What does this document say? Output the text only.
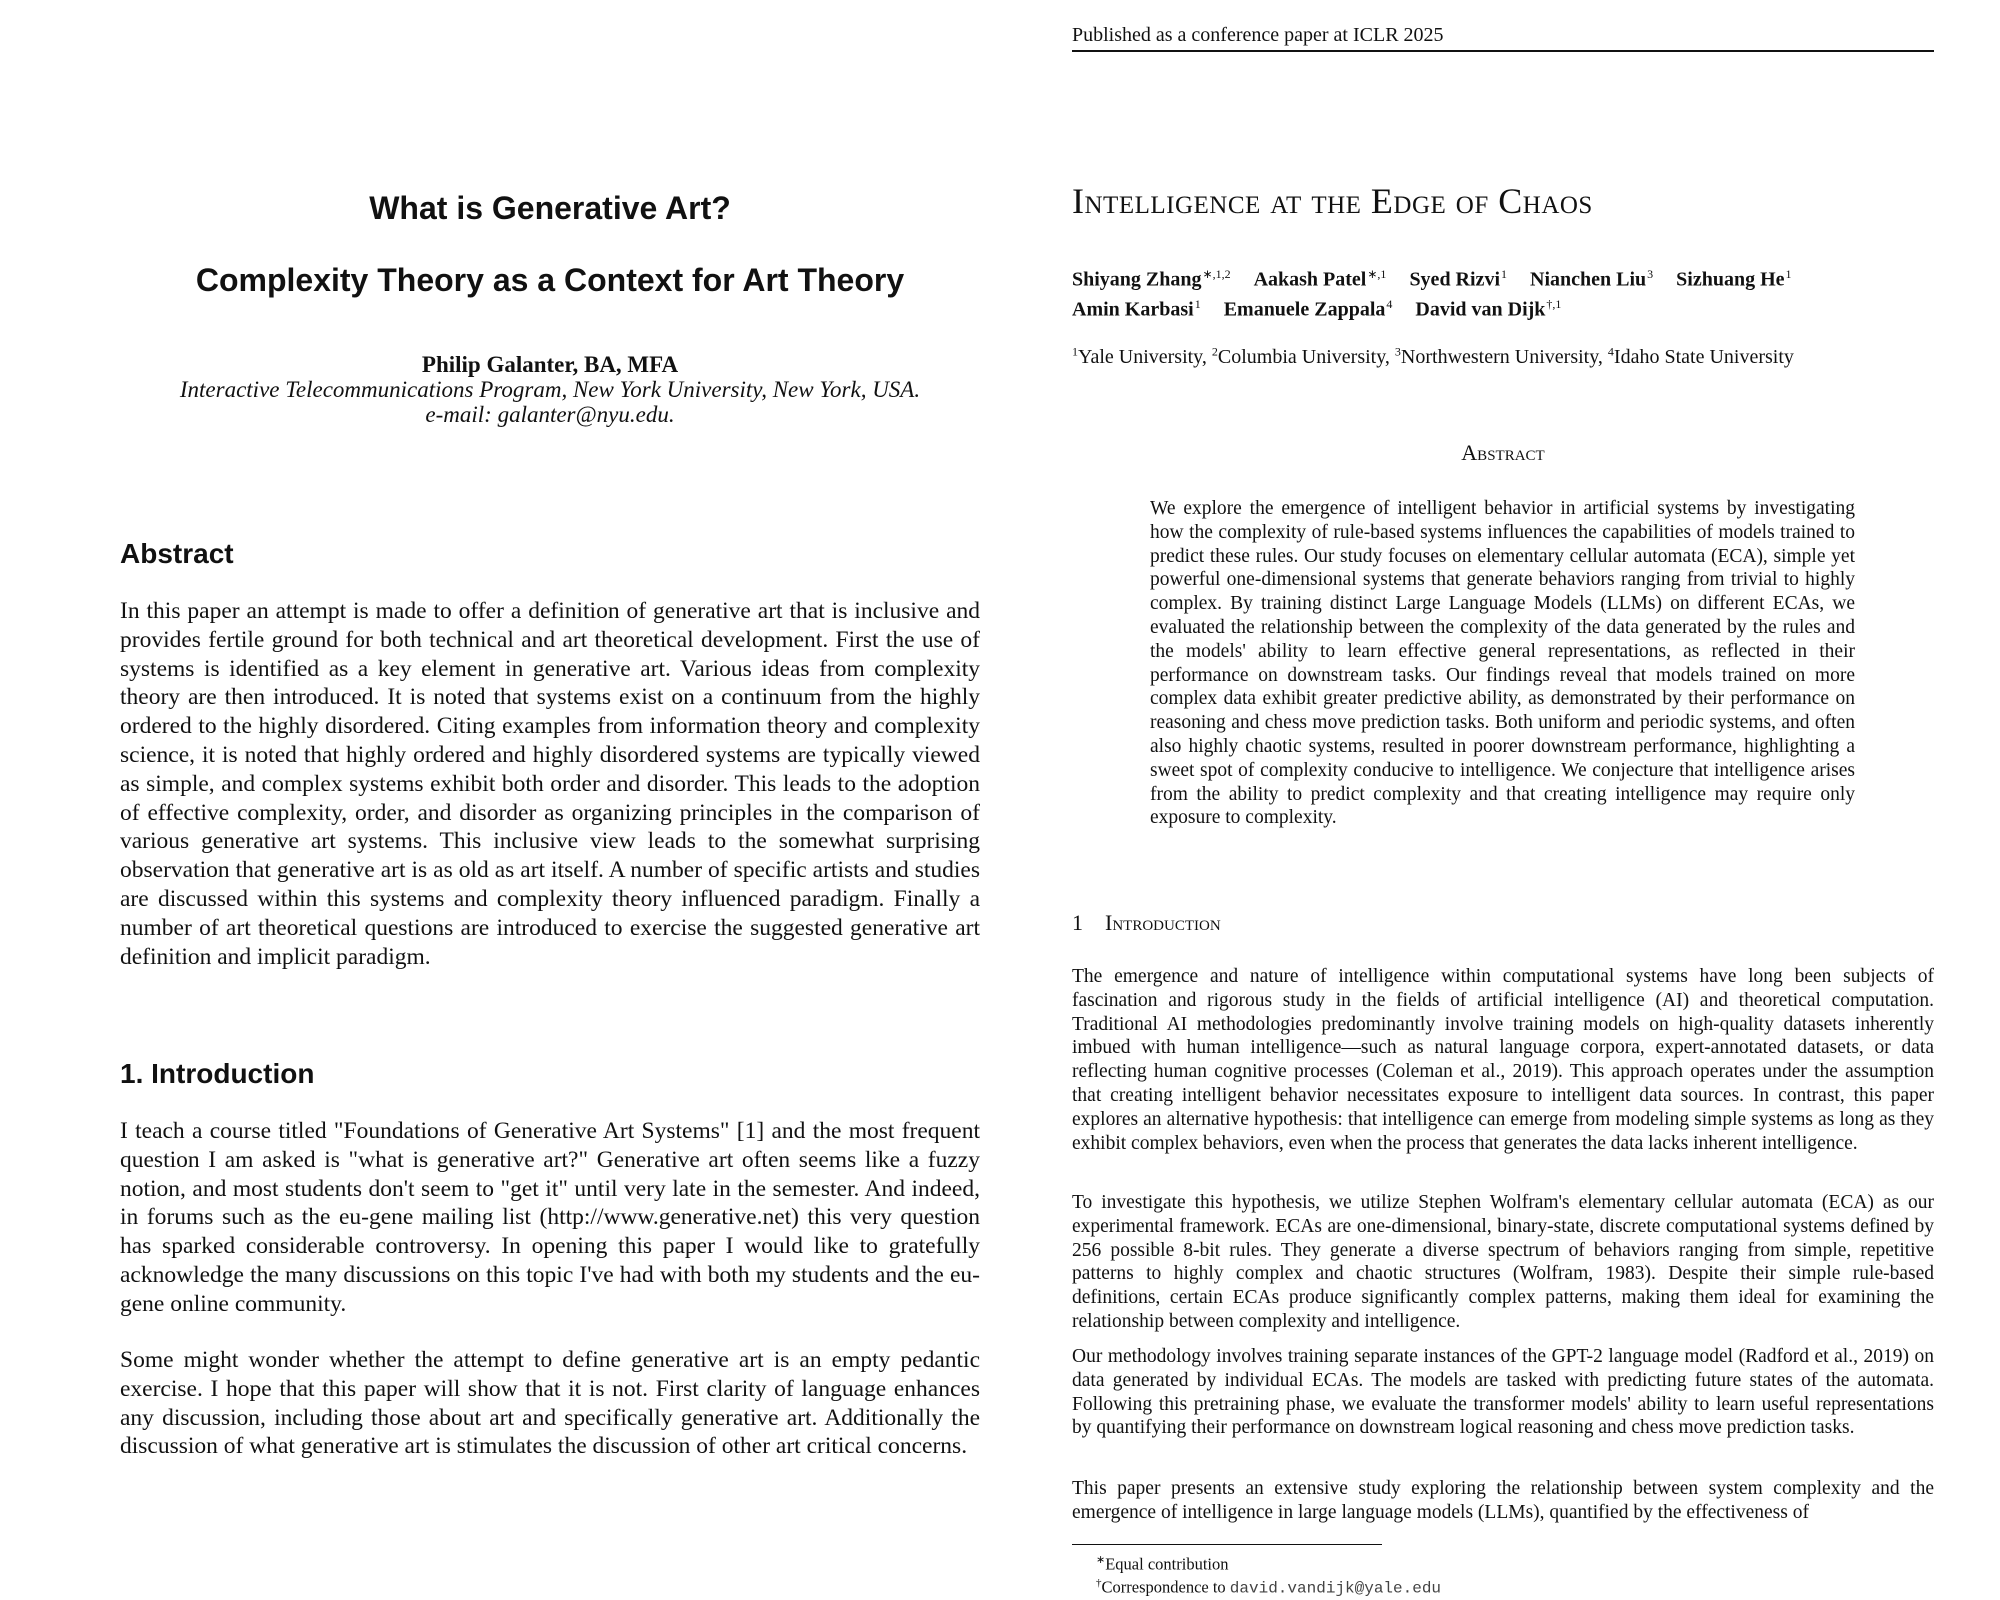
What is Generative Art?
Complexity Theory as a Context for Art Theory

Philip Galanter, BA, MFA

Interactive Telecommunications Program, New York University, New York, USA.

e-mail: galanter@nyu.edu.

Abstract

In this paper an attempt is made to offer a definition of generative art that is inclusive and provides fertile ground for both technical and art theoretical development. First the use of systems is identified as a key element in generative art. Various ideas from complexity theory are then introduced. It is noted that systems exist on a continuum from the highly ordered to the highly disordered. Citing examples from information theory and complexity science, it is noted that highly ordered and highly disordered systems are typically viewed as simple, and complex systems exhibit both order and disorder. This leads to the adoption of effective complexity, order, and disorder as organizing principles in the comparison of various generative art systems. This inclusive view leads to the somewhat surprising observation that generative art is as old as art itself. A number of specific artists and studies are discussed within this systems and complexity theory influenced paradigm. Finally a number of art theoretical questions are introduced to exercise the suggested generative art definition and implicit paradigm.

1. Introduction

I teach a course titled "Foundations of Generative Art Systems" [1] and the most frequent question I am asked is "what is generative art?" Generative art often seems like a fuzzy notion, and most students don't seem to "get it" until very late in the semester. And indeed, in forums such as the eu-gene mailing list (http://www.generative.net) this very question has sparked considerable controversy. In opening this paper I would like to gratefully acknowledge the many discussions on this topic I've had with both my students and the eu-gene online community.

Some might wonder whether the attempt to define generative art is an empty pedantic exercise. I hope that this paper will show that it is not. First clarity of language enhances any discussion, including those about art and specifically generative art. Additionally the discussion of what generative art is stimulates the discussion of other art critical concerns.

Published as a conference paper at ICLR 2025
Intelligence at the Edge of Chaos
Shiyang Zhang$^{∗,1,2}$ Aakash Patel$^{∗,1}$ Syed Rizvi$^1$ Nianchen Liu$^3$ Sizhuang He$^1$
Amin Karbasi$^1$ Emanuele Zappala$^4$ David van Dijk$^{\dagger,1}$
$^1$Yale University, $^2$Columbia University, $^3$Northwestern University, $^4$Idaho State University
Abstract

We explore the emergence of intelligent behavior in artificial systems by investigating how the complexity of rule-based systems influences the capabilities of models trained to predict these rules. Our study focuses on elementary cellular automata (ECA), simple yet powerful one-dimensional systems that generate behaviors ranging from trivial to highly complex. By training distinct Large Language Models (LLMs) on different ECAs, we evaluated the relationship between the complexity of the data generated by the rules and the models' ability to learn effective general representations, as reflected in their performance on downstream tasks. Our findings reveal that models trained on more complex data exhibit greater predictive ability, as demonstrated by their performance on reasoning and chess move prediction tasks. Both uniform and periodic systems, and often also highly chaotic systems, resulted in poorer downstream performance, highlighting a sweet spot of complexity conducive to intelligence. We conjecture that intelligence arises from the ability to predict complexity and that creating intelligence may require only exposure to complexity.

1 Introduction

The emergence and nature of intelligence within computational systems have long been subjects of fascination and rigorous study in the fields of artificial intelligence (AI) and theoretical computation. Traditional AI methodologies predominantly involve training models on high-quality datasets inherently imbued with human intelligence—such as natural language corpora, expert-annotated datasets, or data reflecting human cognitive processes (Coleman et al., 2019). This approach operates under the assumption that creating intelligent behavior necessitates exposure to intelligent data sources. In contrast, this paper explores an alternative hypothesis: that intelligence can emerge from modeling simple systems as long as they exhibit complex behaviors, even when the process that generates the data lacks inherent intelligence.

To investigate this hypothesis, we utilize Stephen Wolfram's elementary cellular automata (ECA) as our experimental framework. ECAs are one-dimensional, binary-state, discrete computational systems defined by 256 possible 8-bit rules. They generate a diverse spectrum of behaviors ranging from simple, repetitive patterns to highly complex and chaotic structures (Wolfram, 1983). Despite their simple rule-based definitions, certain ECAs produce significantly complex patterns, making them ideal for examining the relationship between complexity and intelligence.

Our methodology involves training separate instances of the GPT-2 language model (Radford et al., 2019) on data generated by individual ECAs. The models are tasked with predicting future states of the automata. Following this pretraining phase, we evaluate the transformer models' ability to learn useful representations by quantifying their performance on downstream logical reasoning and chess move prediction tasks.

This paper presents an extensive study exploring the relationship between system complexity and the emergence of intelligence in large language models (LLMs), quantified by the effectiveness of

∗Equal contribution
†Correspondence to david.vandijk@yale.edu
